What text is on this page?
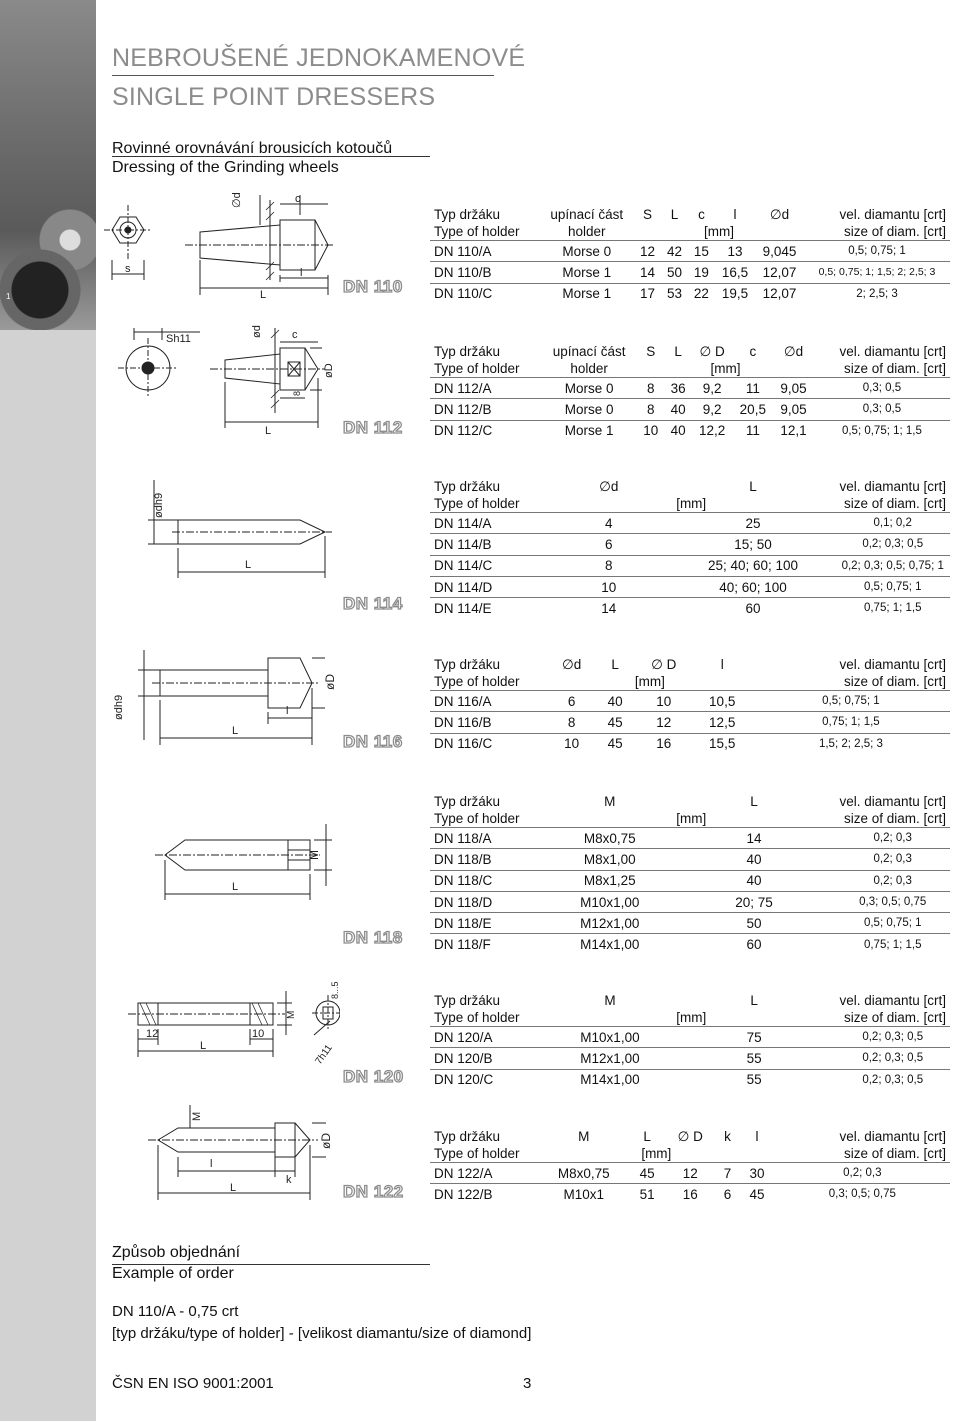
1
NEBROUŠENÉ JEDNOKAMENOVÉ
SINGLE POINT DRESSERS
Rovinné orovnávání brousicích kotoučů
Dressing of the Grinding wheels
∅d	c
s	l
L	DN 110
Typ držáku	upínací část	S	L	c	l	∅d	vel. diamantu [crt]
Type of holder	holder	[mm]					size of diam. [crt]
DN 110/A	Morse 0	12	42	15	13	9,045	0,5; 0,75; 1
DN 110/B	Morse 1	14	50	19	16,5	12,07	0,5; 0,75; 1; 1,5; 2; 2,5; 3
DN 110/C	Morse 1	17	53	22	19,5	12,07	2; 2,5; 3
Sh11
ød	c
øD
8
L	DN 112
Typ držáku	upínací část	S	L	∅ D	c	∅d	vel. diamantu [crt]
Type of holder	holder	[mm]					size of diam. [crt]
DN 112/A	Morse 0	8	36	9,2	11	9,05	0,3; 0,5
DN 112/B	Morse 0	8	40	9,2	20,5	9,05	0,3; 0,5
DN 112/C	Morse 1	10	40	12,2	11	12,1	0,5; 0,75; 1; 1,5
ødh9
L
DN 114
Typ držáku	∅d	L	vel. diamantu [crt]
Type of holder	[mm]		size of diam. [crt]
DN 114/A	4	25	0,1; 0,2
DN 114/B	6	15; 50	0,2; 0,3; 0,5
DN 114/C	8	25; 40; 60; 100	0,2; 0,3; 0,5; 0,75; 1
DN 114/D	10	40; 60; 100	0,5; 0,75; 1
DN 114/E	14	60	0,75; 1; 1,5
ødh9
øD
l
L
DN 116
Typ držáku	∅d	L	∅ D	l	vel. diamantu [crt]
Type of holder	[mm]				size of diam. [crt]
DN 116/A	6	40	10	10,5	0,5; 0,75; 1
DN 116/B	8	45	12	12,5	0,75; 1; 1,5
DN 116/C	10	45	16	15,5	1,5; 2; 2,5; 3
M
L
DN 118
Typ držáku	M	L	vel. diamantu [crt]
Type of holder	[mm]		size of diam. [crt]
DN 118/A	M8x0,75	14	0,2; 0,3
DN 118/B	M8x1,00	40	0,2; 0,3
DN 118/C	M8x1,25	40	0,2; 0,3
DN 118/D	M10x1,00	20; 75	0,3; 0,5; 0,75
DN 118/E	M12x1,00	50	0,5; 0,75; 1
DN 118/F	M14x1,00	60	0,75; 1; 1,5
12	10
M
L	7h11
8...5
DN 120
Typ držáku	M	L	vel. diamantu [crt]
Type of holder	[mm]		size of diam. [crt]
DN 120/A	M10x1,00	75	0,2; 0,3; 0,5
DN 120/B	M12x1,00	55	0,2; 0,3; 0,5
DN 120/C	M14x1,00	55	0,2; 0,3; 0,5
M
øD
l
k
L	DN 122
Typ držáku	M	L	∅ D	k	l	vel. diamantu [crt]
Type of holder	[mm]					size of diam. [crt]
DN 122/A	M8x0,75	45	12	7	30	0,2; 0,3
DN 122/B	M10x1	51	16	6	45	0,3; 0,5; 0,75
Způsob objednání
Example of order
DN 110/A - 0,75 crt
[typ držáku/type of holder] - [velikost diamantu/size of diamond]
ČSN EN ISO 9001:2001	3
